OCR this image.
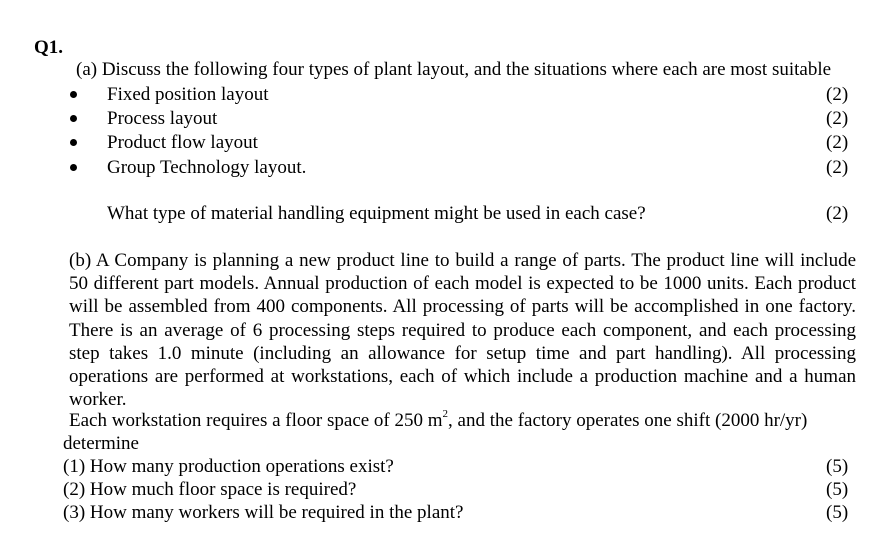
Q1.
(a) Discuss the following four types of plant layout, and the situations where each are most suitable
Fixed position layout	(2)
Process layout	(2)
Product flow layout	(2)
Group Technology layout.	(2)
What type of material handling equipment might be used in each case?	(2)
(b) A Company is planning a new product line to build a range of parts. The product line will include 50 different part models. Annual production of each model is expected to be 1000 units. Each product will be assembled from 400 components. All processing of parts will be accomplished in one factory. There is an average of 6 processing steps required to produce each component, and each processing step takes 1.0 minute (including an allowance for setup time and part handling). All processing operations are performed at workstations, each of which include a production machine and a human worker.
Each workstation requires a floor space of 250 $m^2$, and the factory operates one shift (2000 hr/yr)
determine
(1) How many production operations exist?	(5)
(2) How much floor space is required?	(5)
(3) How many workers will be required in the plant?	(5)
